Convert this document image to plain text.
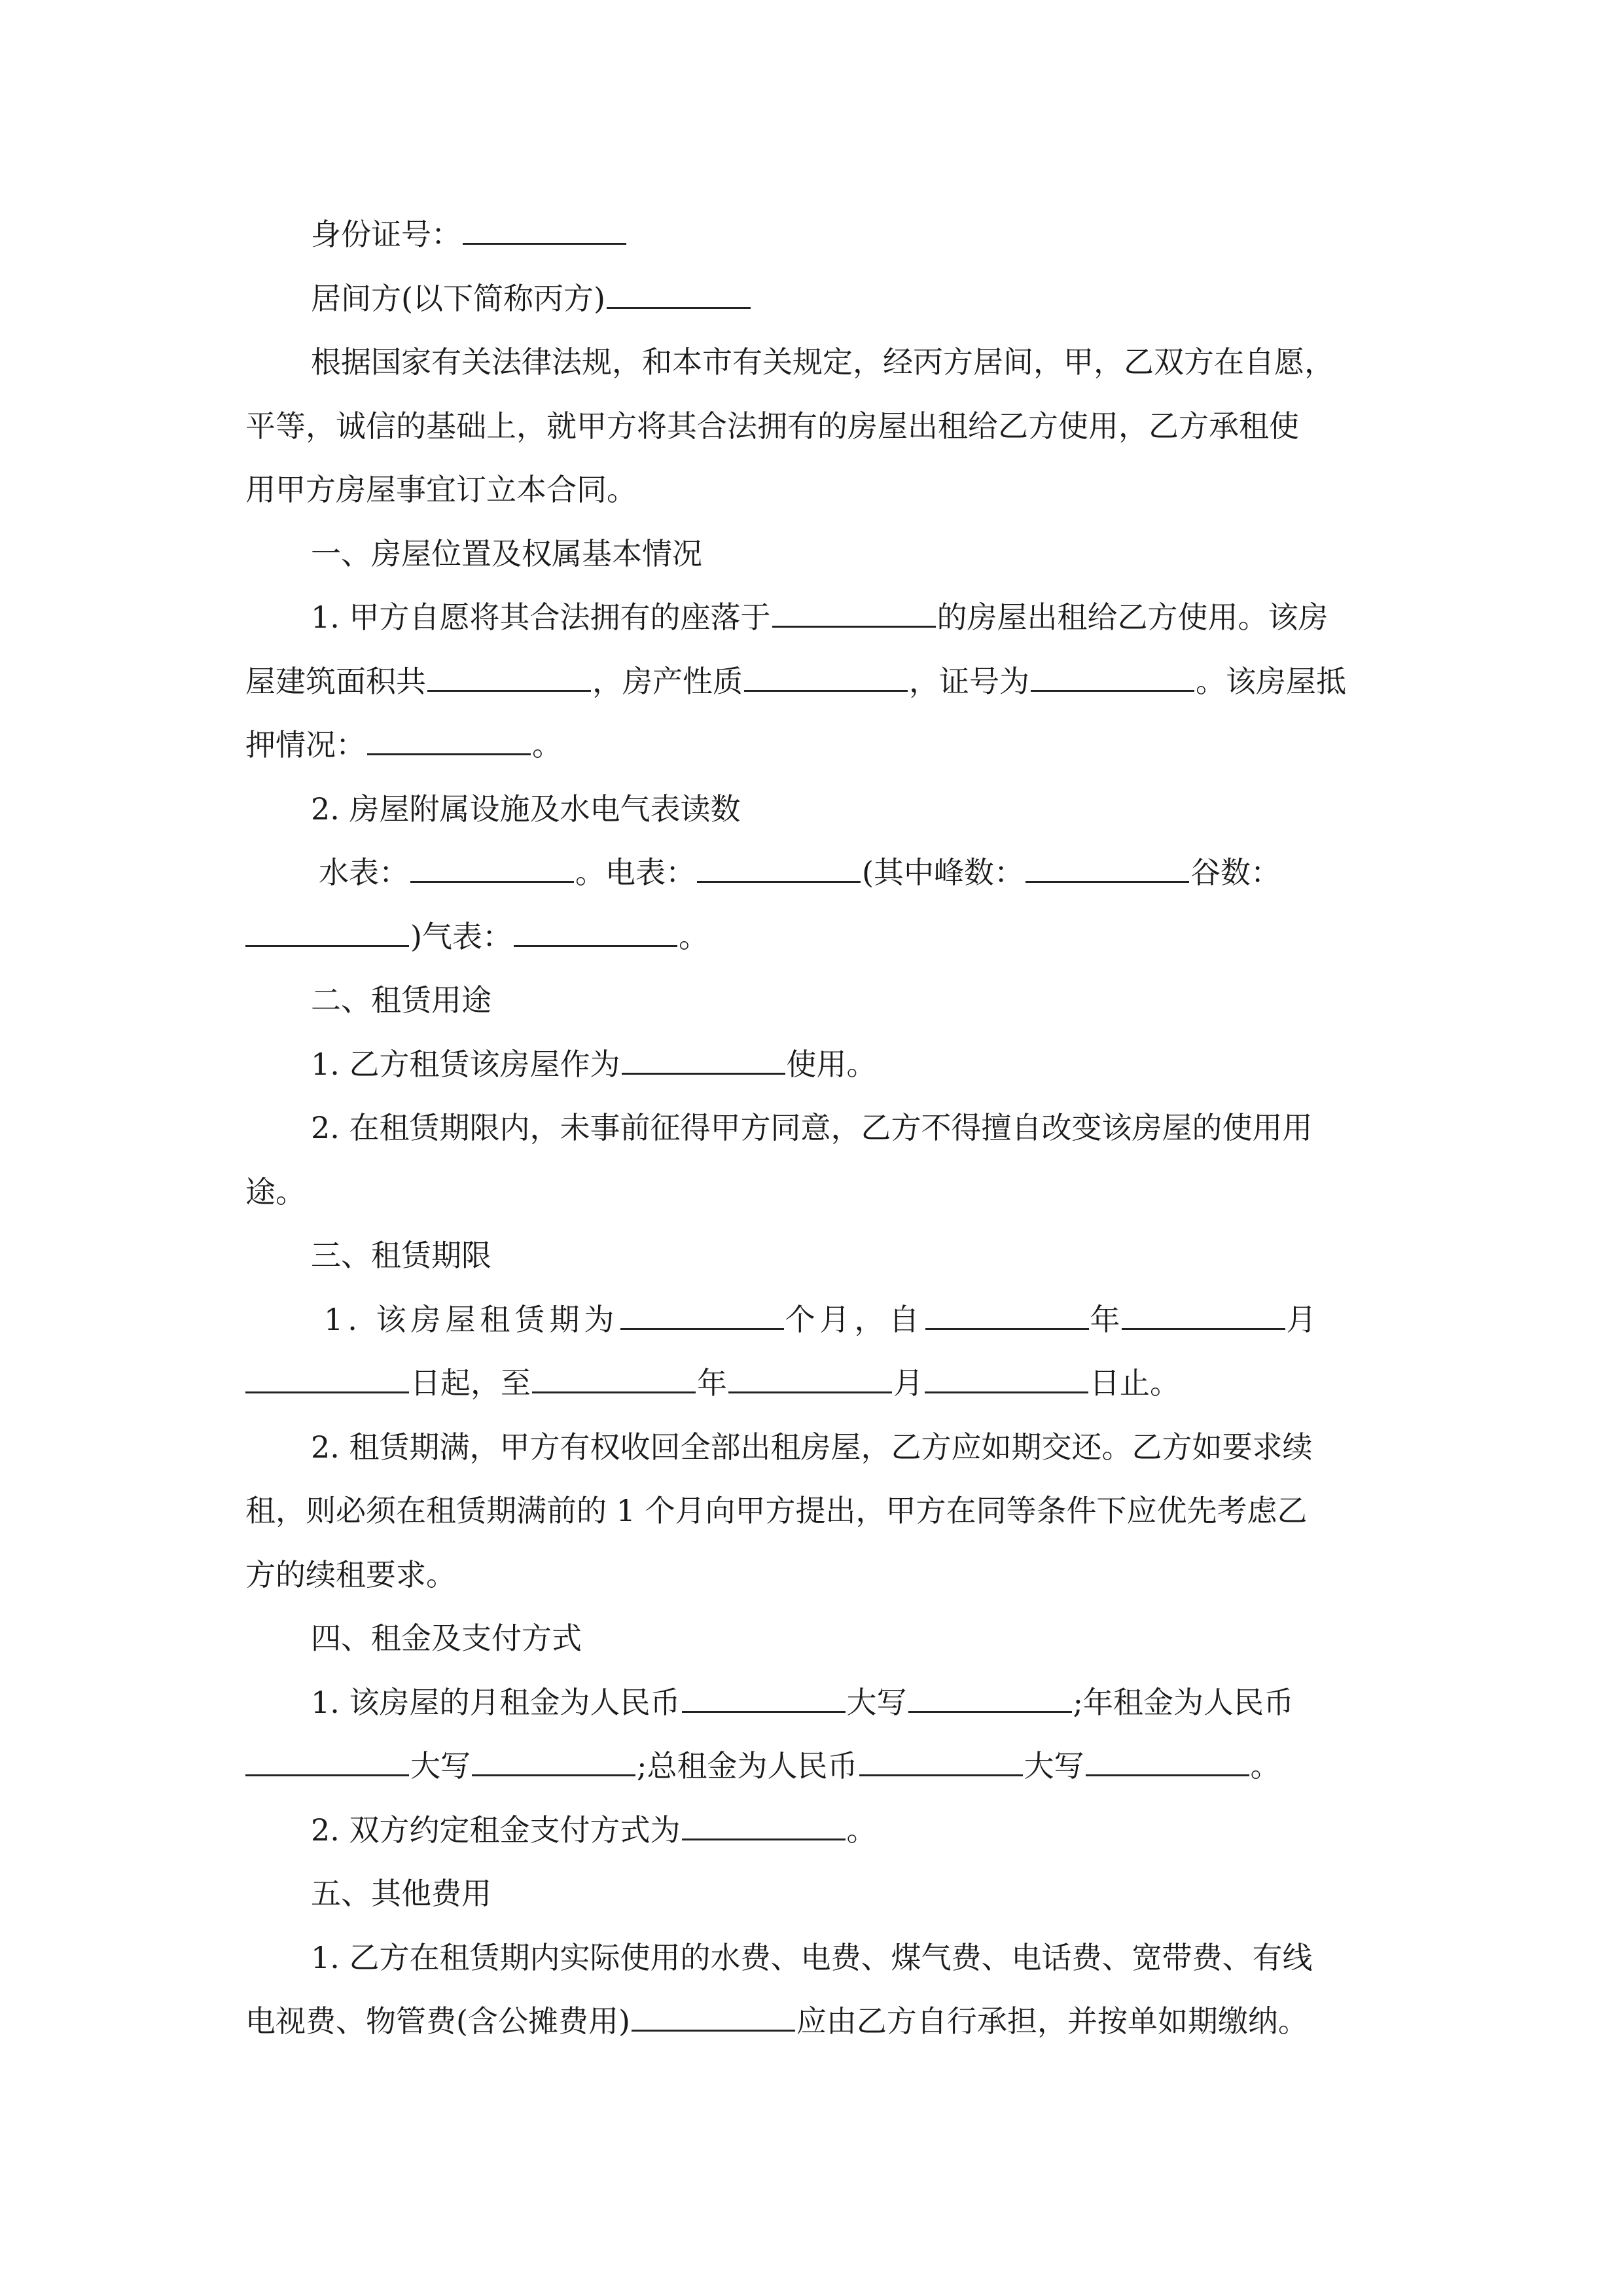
身份证号：

居间方(以下简称丙方)

根据国家有关法律法规，和本市有关规定，经丙方居间，甲，乙双方在自愿，

平等，诚信的基础上，就甲方将其合法拥有的房屋出租给乙方使用，乙方承租使

用甲方房屋事宜订立本合同。

一、房屋位置及权属基本情况

1. 甲方自愿将其合法拥有的座落于	的房屋出租给乙方使用。该房

屋建筑面积共	，房产性质	，证号为	。该房屋抵

押情况：	。

2. 房屋附属设施及水电气表读数

水表：	。电表：	(其中峰数：	谷数：

)气表：	。

二、租赁用途

1. 乙方租赁该房屋作为	使用。

2. 在租赁期限内，未事前征得甲方同意，乙方不得擅自改变该房屋的使用用

途。

三、租赁期限

1. 该房屋租赁期为	个月，自	年	月

日起，至	年	月	日止。

2. 租赁期满，甲方有权收回全部出租房屋，乙方应如期交还。乙方如要求续

租，则必须在租赁期满前的 1 个月向甲方提出，甲方在同等条件下应优先考虑乙

方的续租要求。

四、租金及支付方式

1. 该房屋的月租金为人民币	大写	;年租金为人民币

大写	;总租金为人民币	大写	。

2. 双方约定租金支付方式为	。

五、其他费用

1. 乙方在租赁期内实际使用的水费、电费、煤气费、电话费、宽带费、有线

电视费、物管费(含公摊费用)	应由乙方自行承担，并按单如期缴纳。
